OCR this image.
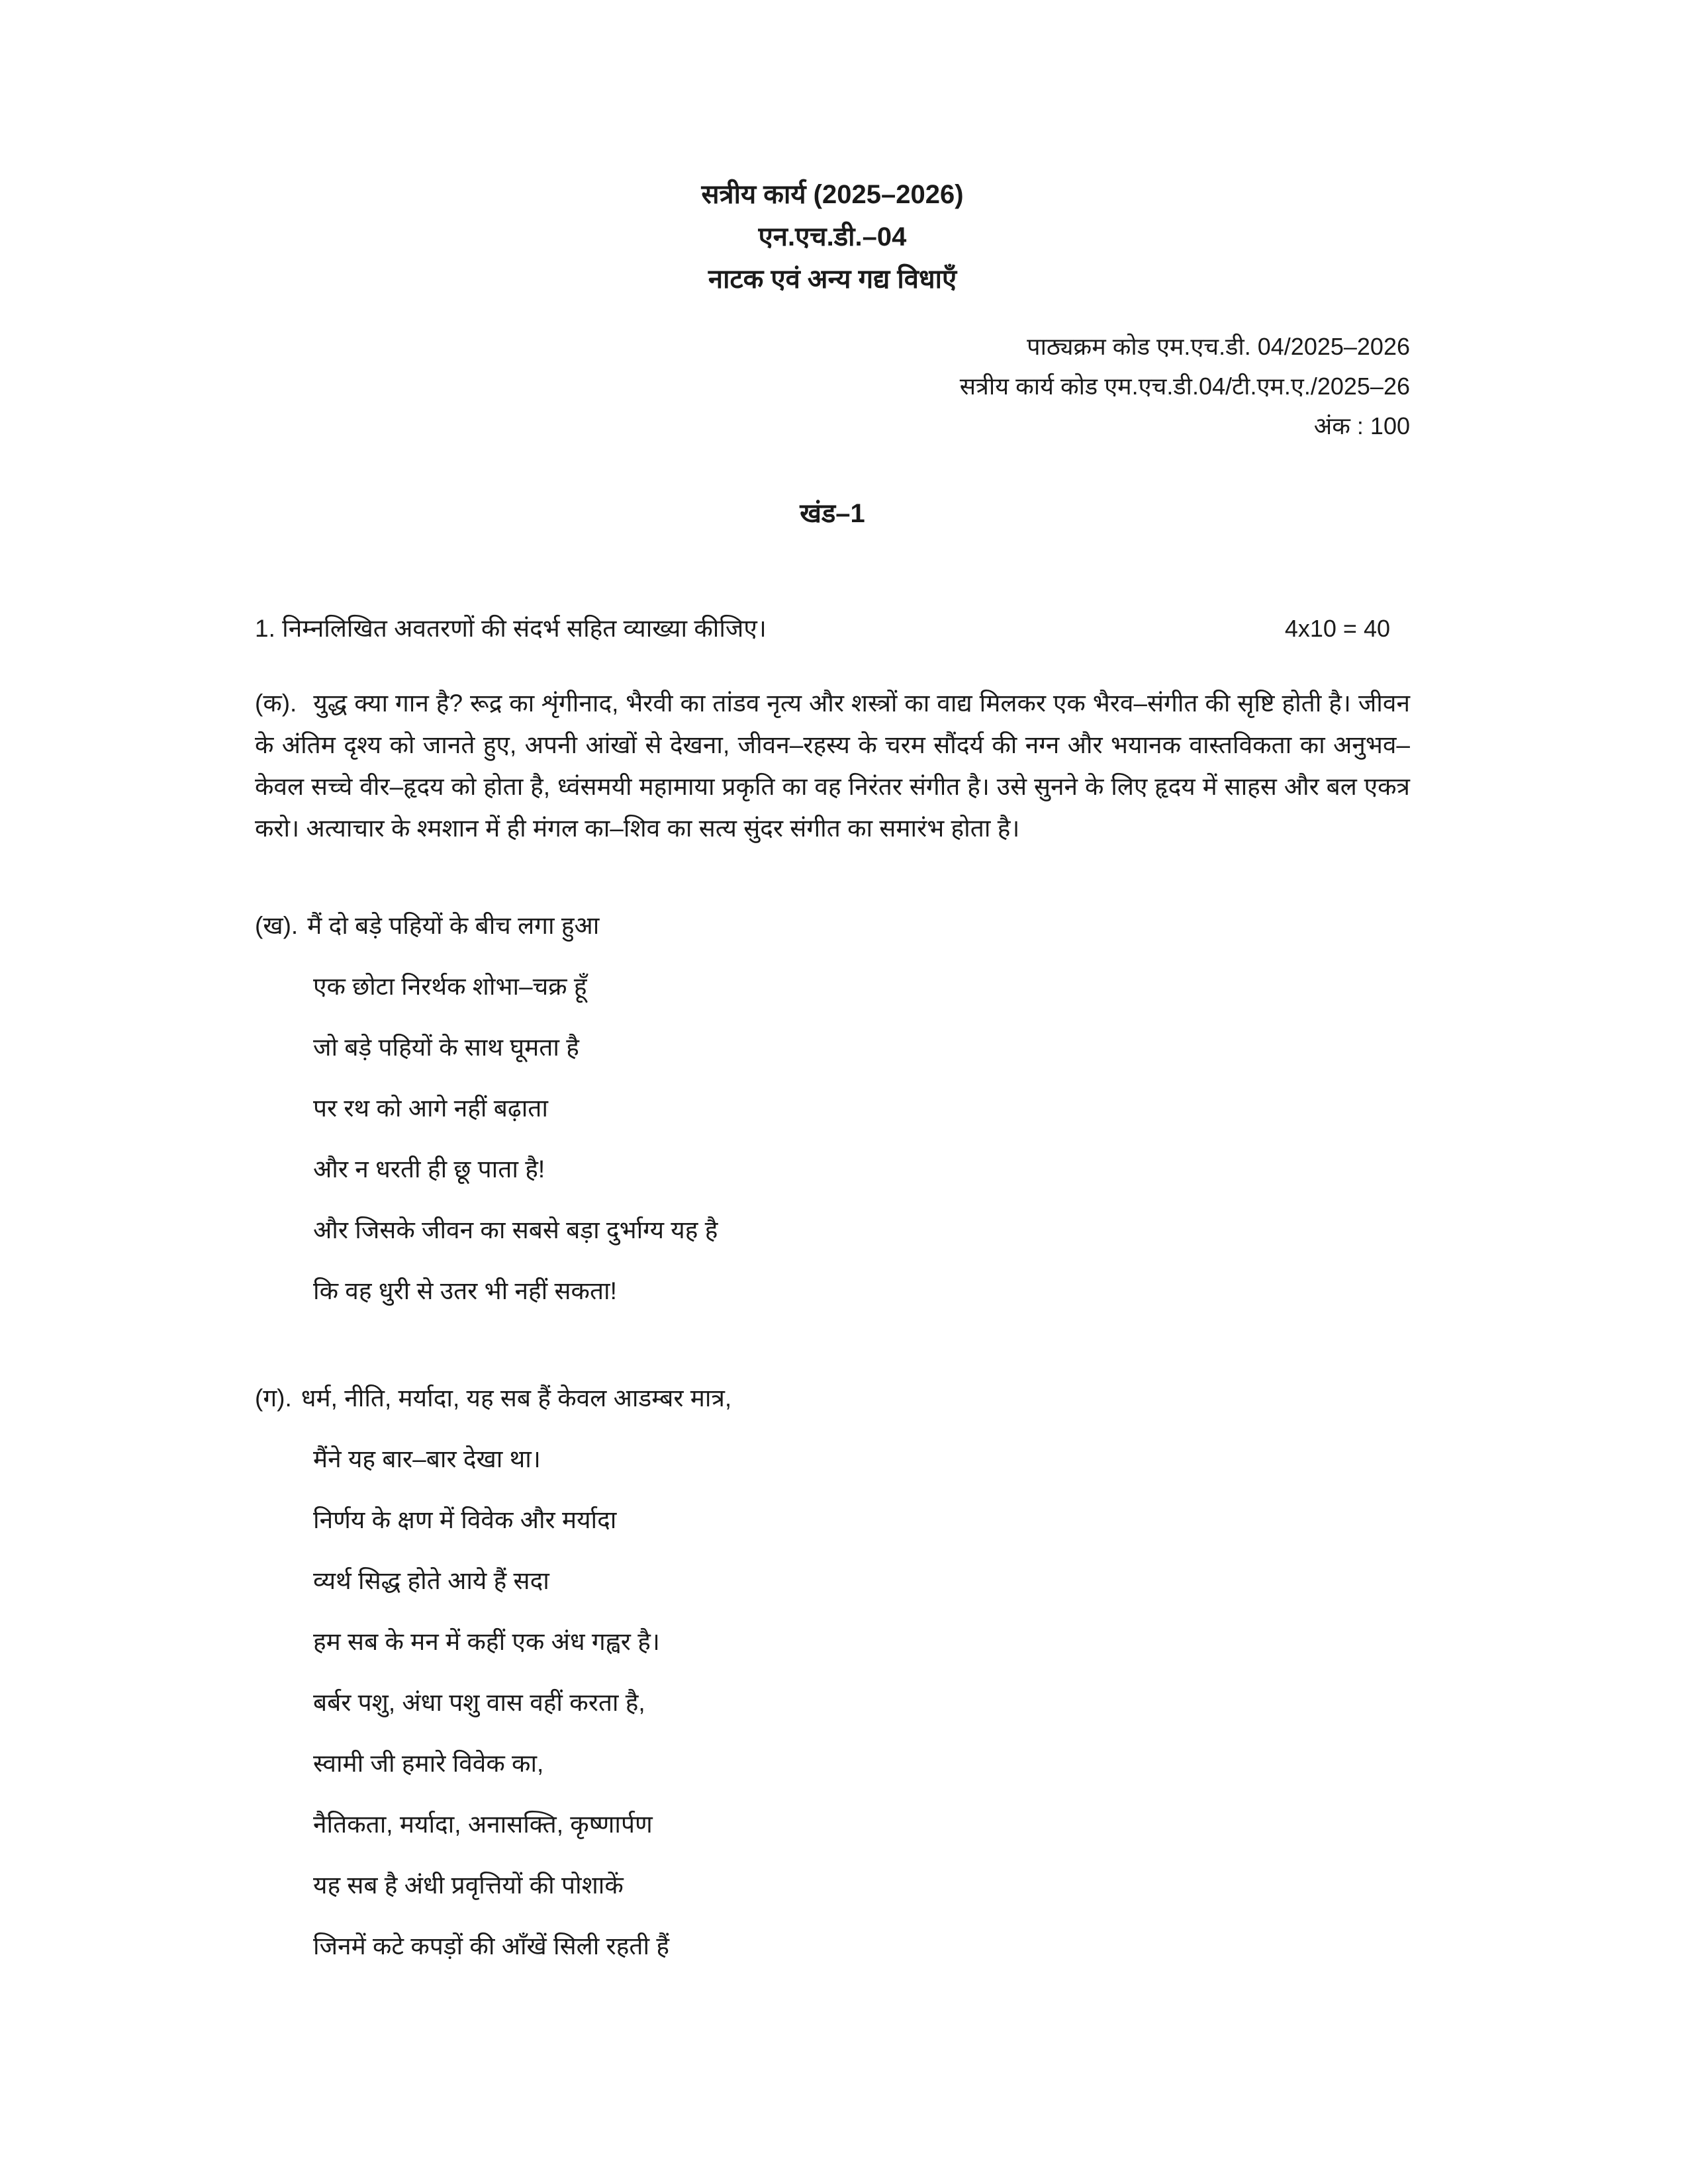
सत्रीय कार्य (2025–2026)
एन.एच.डी.–04
नाटक एवं अन्य गद्य विधाएँ
पाठ्यक्रम कोड एम.एच.डी. 04/2025–2026
सत्रीय कार्य कोड एम.एच.डी.04/टी.एम.ए./2025–26
अंक : 100
खंड–1
1. निम्नलिखित अवतरणों की संदर्भ सहित व्याख्या कीजिए।	4x10 = 40

(क). युद्ध क्या गान है? रूद्र का शृंगीनाद, भैरवी का तांडव नृत्य और शस्त्रों का वाद्य मिलकर एक भैरव–संगीत की सृष्टि होती है। जीवन के अंतिम दृश्य को जानते हुए, अपनी आंखों से देखना, जीवन–रहस्य के चरम सौंदर्य की नग्न और भयानक वास्तविकता का अनुभव–केवल सच्चे वीर–हृदय को होता है, ध्वंसमयी महामाया प्रकृति का वह निरंतर संगीत है। उसे सुनने के लिए हृदय में साहस और बल एकत्र करो। अत्याचार के श्मशान में ही मंगल का–शिव का सत्य सुंदर संगीत का समारंभ होता है।

(ख). मैं दो बड़े पहियों के बीच लगा हुआ
एक छोटा निरर्थक शोभा–चक्र हूँ
जो बड़े पहियों के साथ घूमता है
पर रथ को आगे नहीं बढ़ाता
और न धरती ही छू पाता है!
और जिसके जीवन का सबसे बड़ा दुर्भाग्य यह है
कि वह धुरी से उतर भी नहीं सकता!
(ग). धर्म, नीति, मर्यादा, यह सब हैं केवल आडम्बर मात्र,
मैंने यह बार–बार देखा था।
निर्णय के क्षण में विवेक और मर्यादा
व्यर्थ सिद्ध होते आये हैं सदा
हम सब के मन में कहीं एक अंध गह्वर है।
बर्बर पशु, अंधा पशु वास वहीं करता है,
स्वामी जी हमारे विवेक का,
नैतिकता, मर्यादा, अनासक्ति, कृष्णार्पण
यह सब है अंधी प्रवृत्तियों की पोशाकें
जिनमें कटे कपड़ों की आँखें सिली रहती हैं
